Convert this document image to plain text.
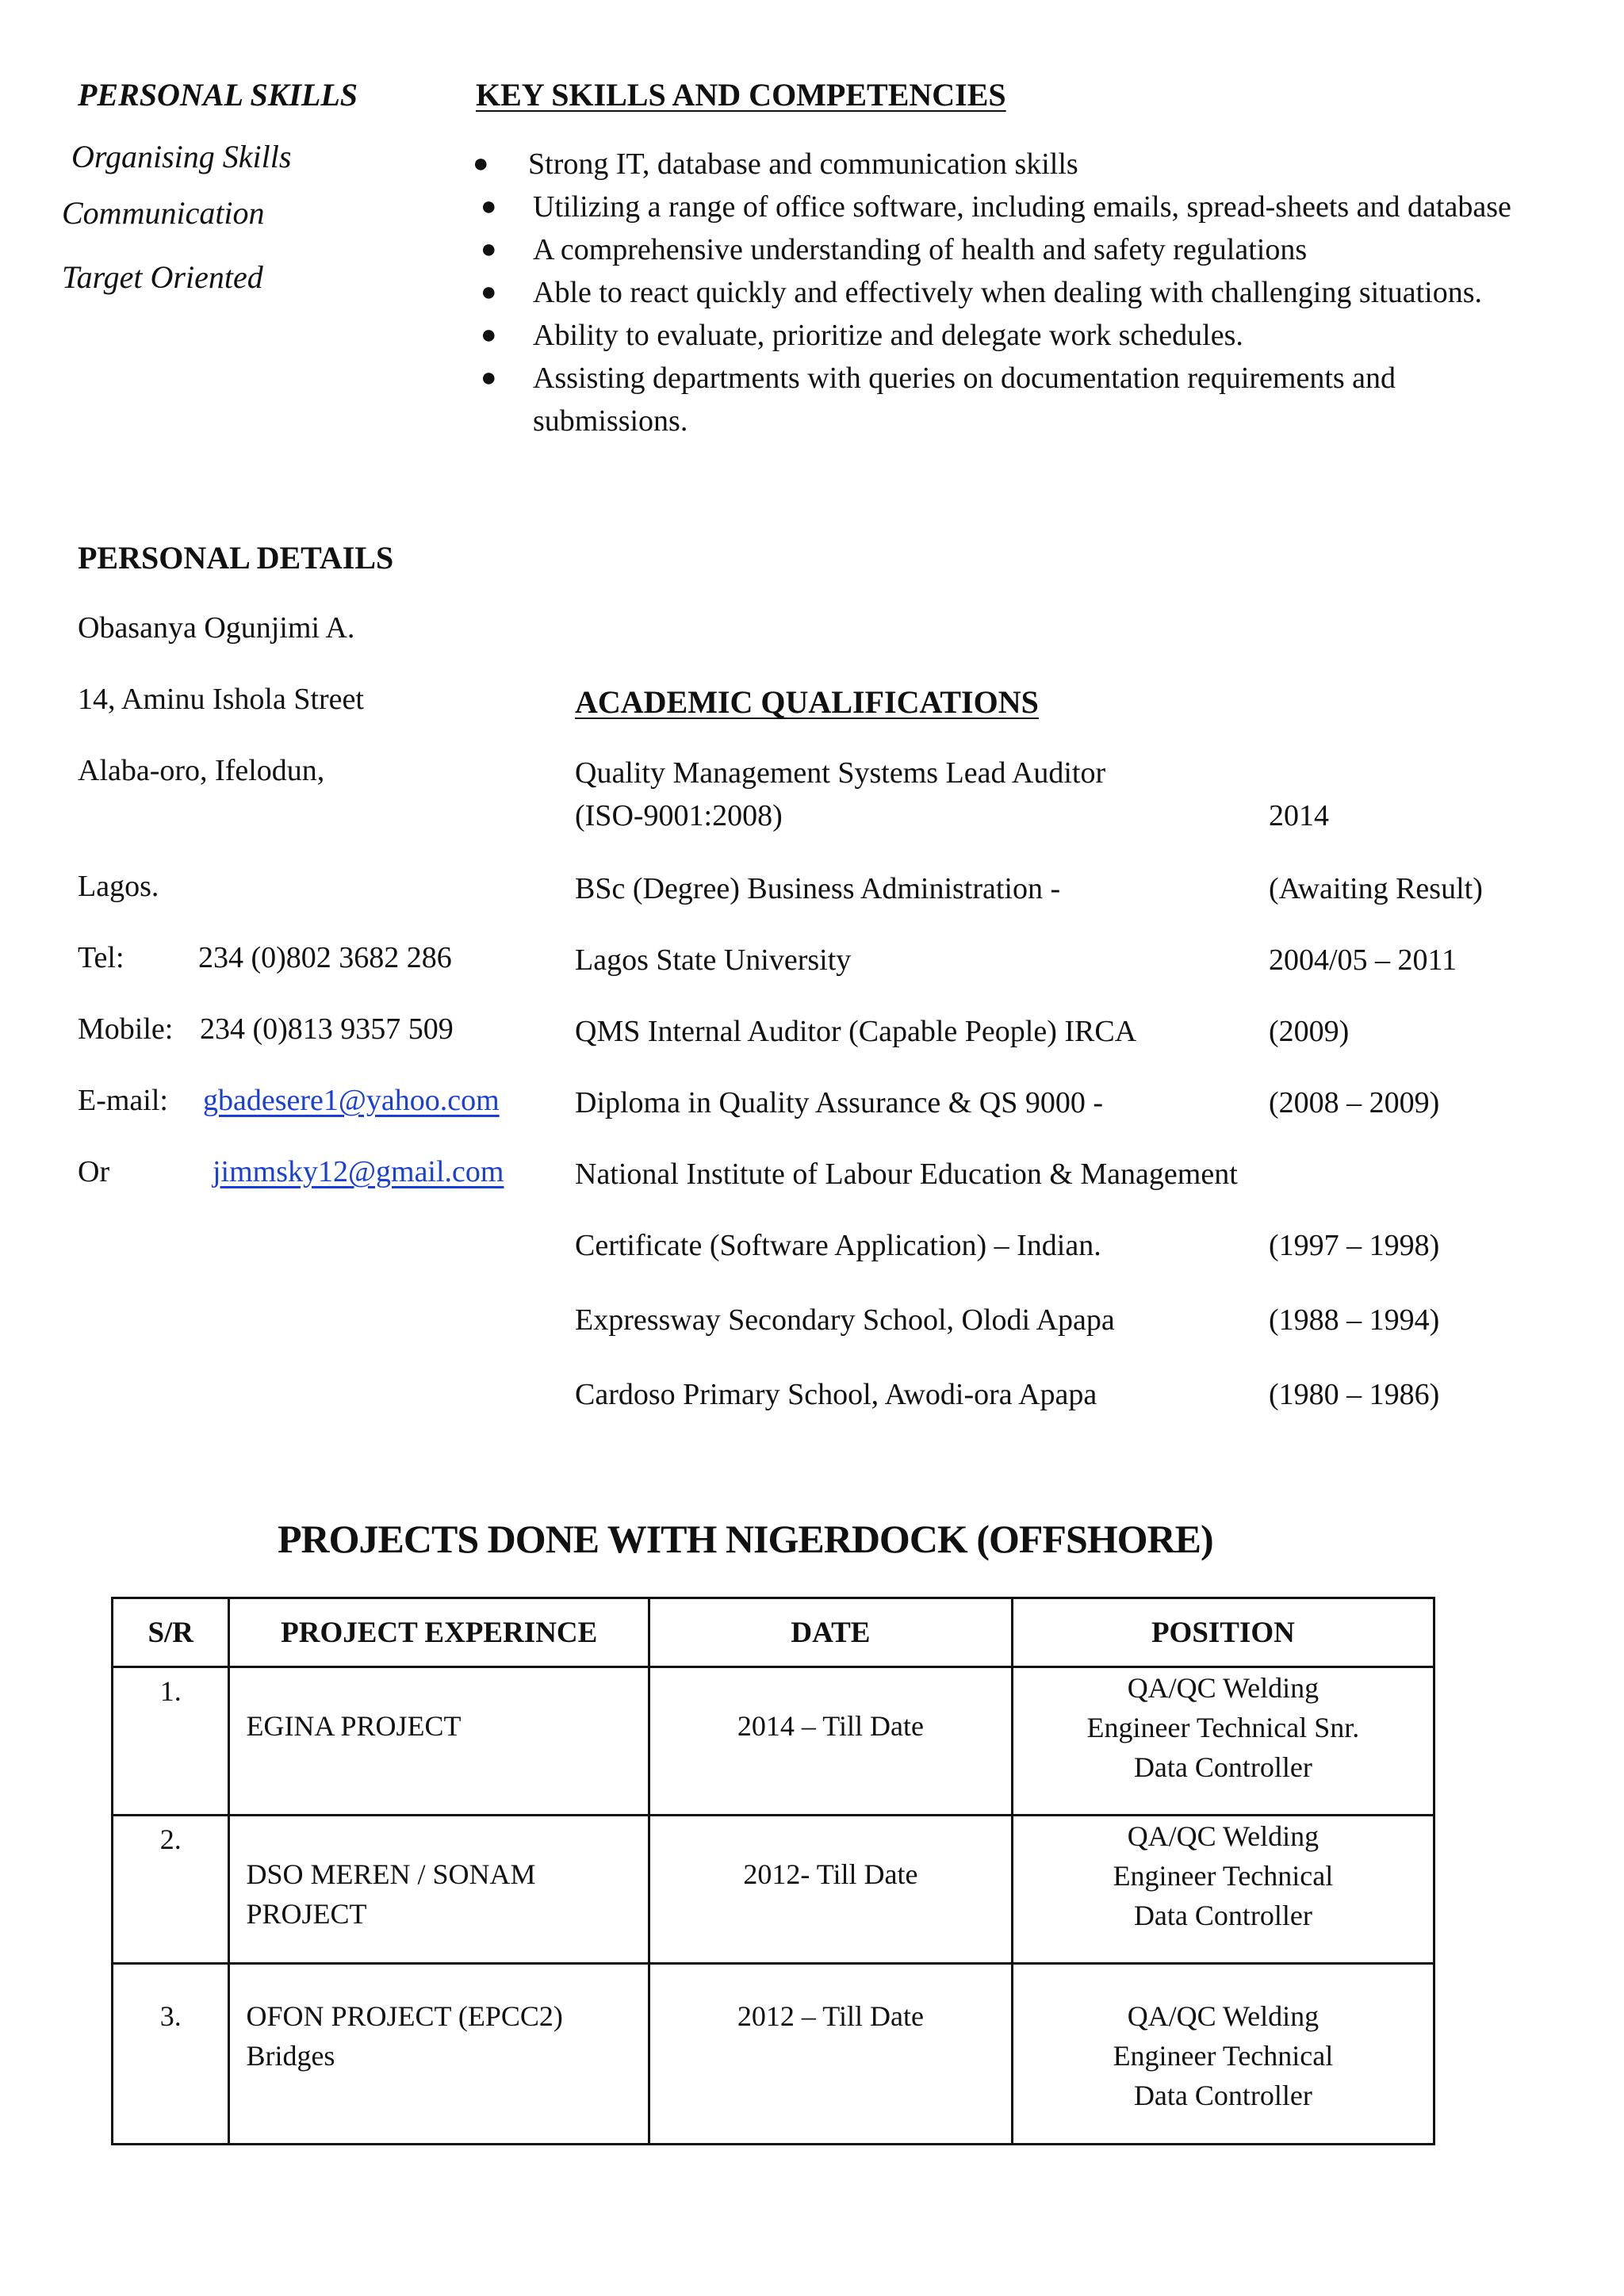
PERSONAL SKILLS
Organising Skills
Communication
Target Oriented
KEY SKILLS AND COMPETENCIES
● Strong IT, database and communication skills
● Utilizing a range of office software, including emails, spread-sheets and database
● A comprehensive understanding of health and safety regulations
● Able to react quickly and effectively when dealing with challenging situations.
● Ability to evaluate, prioritize and delegate work schedules.
● Assisting departments with queries on documentation requirements and submissions.
PERSONAL DETAILS
Obasanya Ogunjimi A.
14, Aminu Ishola Street
Alaba-oro, Ifelodun,
Lagos.
Tel: 234 (0)802 3682 286
Mobile: 234 (0)813 9357 509
E-mail: gbadesere1@yahoo.com
Or	jimmsky12@gmail.com
ACADEMIC QUALIFICATIONS
Quality Management Systems Lead Auditor
(ISO-9001:2008)	2014
BSc (Degree) Business Administration -	(Awaiting Result)
Lagos State University	2004/05 – 2011
QMS Internal Auditor (Capable People) IRCA	(2009)
Diploma in Quality Assurance & QS 9000 -	(2008 – 2009)
National Institute of Labour Education & Management
Certificate (Software Application) – Indian.	(1997 – 1998)
Expressway Secondary School, Olodi Apapa	(1988 – 1994)
Cardoso Primary School, Awodi-ora Apapa	(1980 – 1986)
PROJECTS DONE WITH NIGERDOCK (OFFSHORE)
S/R	PROJECT EXPERINCE	DATE	POSITION
1.	EGINA PROJECT	2014 – Till Date	QA/QC Welding
Engineer Technical Snr.
Data Controller

2.	DSO MEREN / SONAM PROJECT	2012- Till Date	QA/QC Welding
Engineer Technical
Data Controller

3.	OFON PROJECT (EPCC2) Bridges	2012 – Till Date	QA/QC Welding
Engineer Technical
Data Controller
